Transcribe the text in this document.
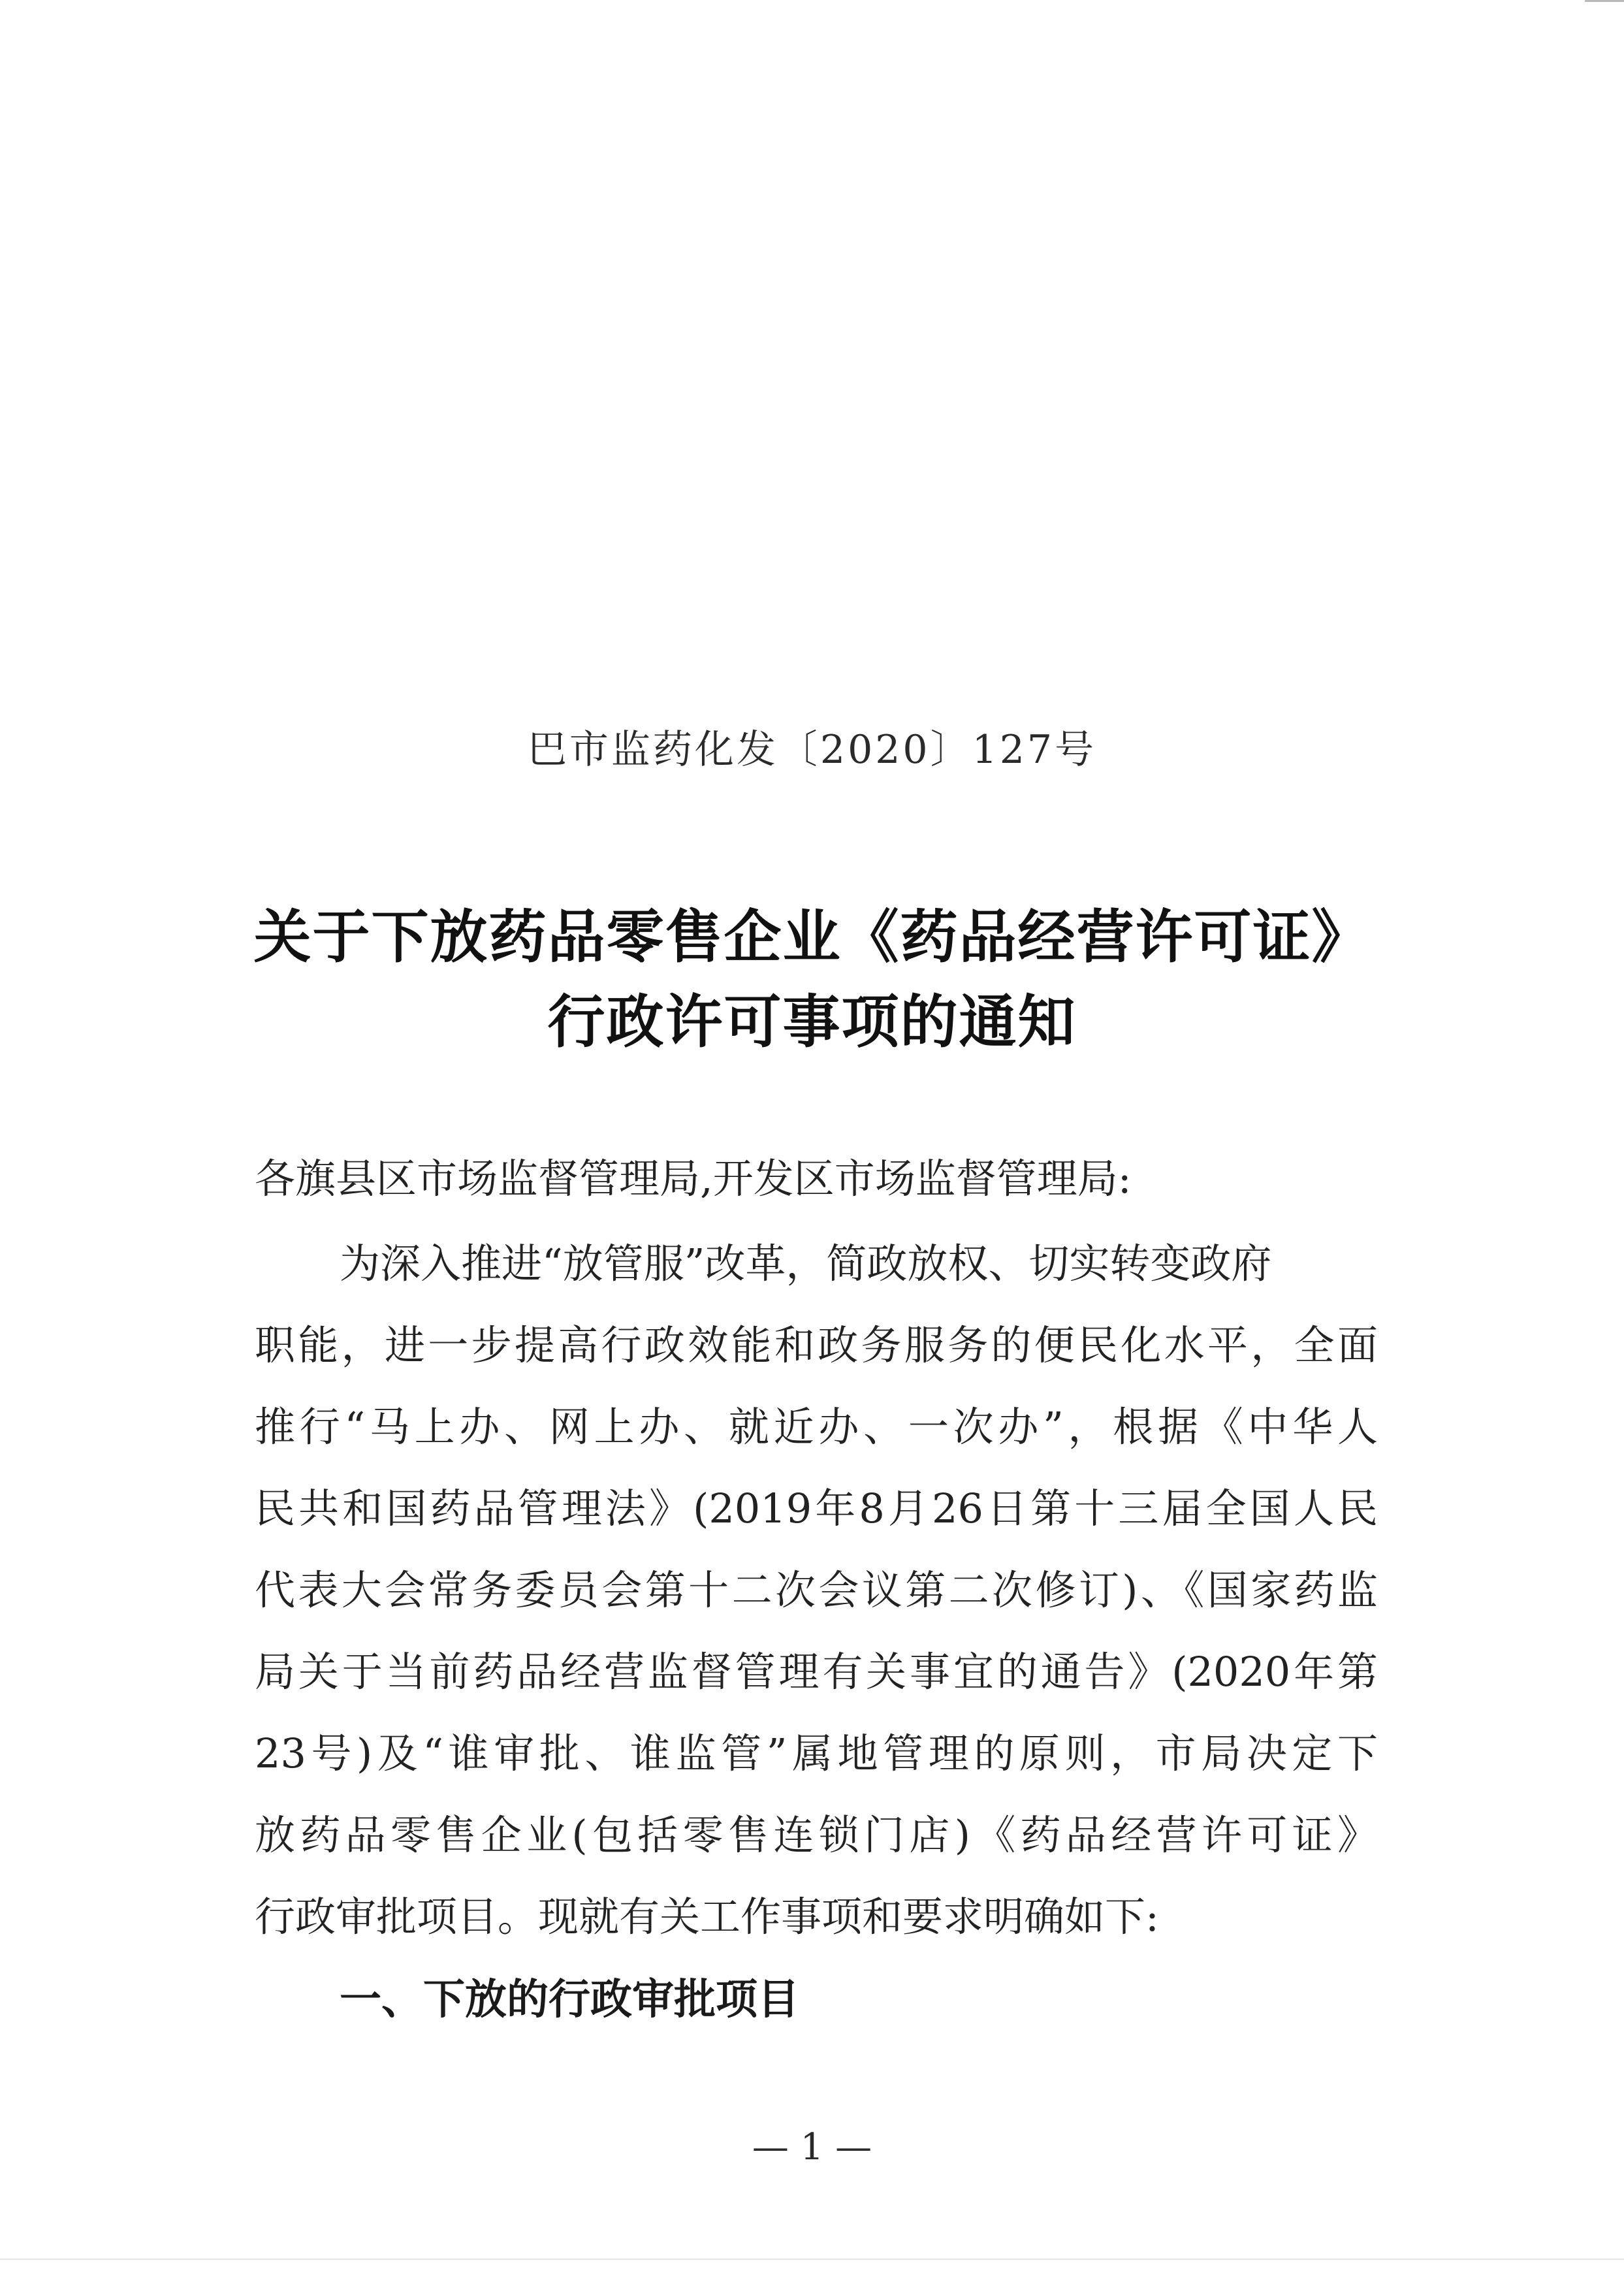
巴市监药化发〔2020〕127号
关于下放药品零售企业《药品经营许可证》
行政许可事项的通知
各旗县区市场监督管理局,开发区市场监督管理局:
为深入推进“放管服”改革，简政放权、切实转变政府
职能，进一步提高行政效能和政务服务的便民化水平，全面
推行“马上办、网上办、就近办、一次办”，根据《中华人
民共和国药品管理法》(2019年8月26日第十三届全国人民
代表大会常务委员会第十二次会议第二次修订)、《国家药监
局关于当前药品经营监督管理有关事宜的通告》(2020年第
23号)及“谁审批、谁监管”属地管理的原则，市局决定下
放药品零售企业(包括零售连锁门店)《药品经营许可证》
行政审批项目。现就有关工作事项和要求明确如下:
一、下放的行政审批项目
— 1 —
